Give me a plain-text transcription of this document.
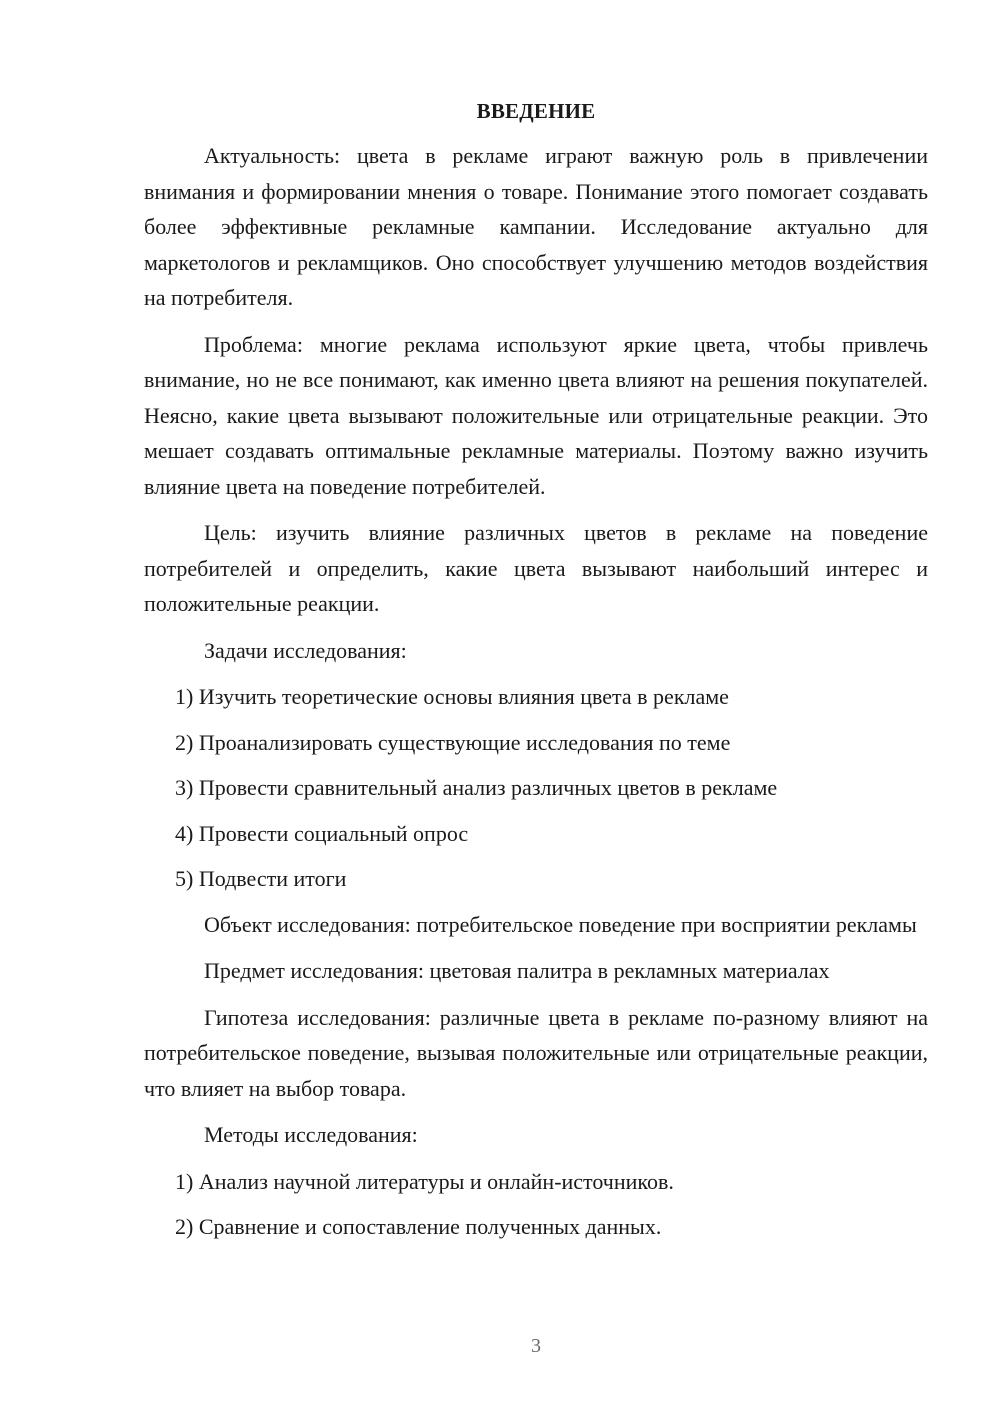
ВВЕДЕНИЕ

Актуальность: цвета в рекламе играют важную роль в привлечении внимания и формировании мнения о товаре. Понимание этого помогает создавать более эффективные рекламные кампании. Исследование актуально для маркетологов и рекламщиков. Оно способствует улучшению методов воздействия на потребителя.

Проблема: многие реклама используют яркие цвета, чтобы привлечь внимание, но не все понимают, как именно цвета влияют на решения покупателей. Неясно, какие цвета вызывают положительные или отрицательные реакции. Это мешает создавать оптимальные рекламные материалы. Поэтому важно изучить влияние цвета на поведение потребителей.

Цель: изучить влияние различных цветов в рекламе на поведение потребителей и определить, какие цвета вызывают наибольший интерес и положительные реакции.

Задачи исследования:

1) Изучить теоретические основы влияния цвета в рекламе
2) Проанализировать существующие исследования по теме
3) Провести сравнительный анализ различных цветов в рекламе
4) Провести социальный опрос
5) Подвести итоги

Объект исследования: потребительское поведение при восприятии рекламы

Предмет исследования: цветовая палитра в рекламных материалах

Гипотеза исследования: различные цвета в рекламе по-разному влияют на потребительское поведение, вызывая положительные или отрицательные реакции, что влияет на выбор товара.

Методы исследования:

1) Анализ научной литературы и онлайн-источников.
2) Сравнение и сопоставление полученных данных.
3
